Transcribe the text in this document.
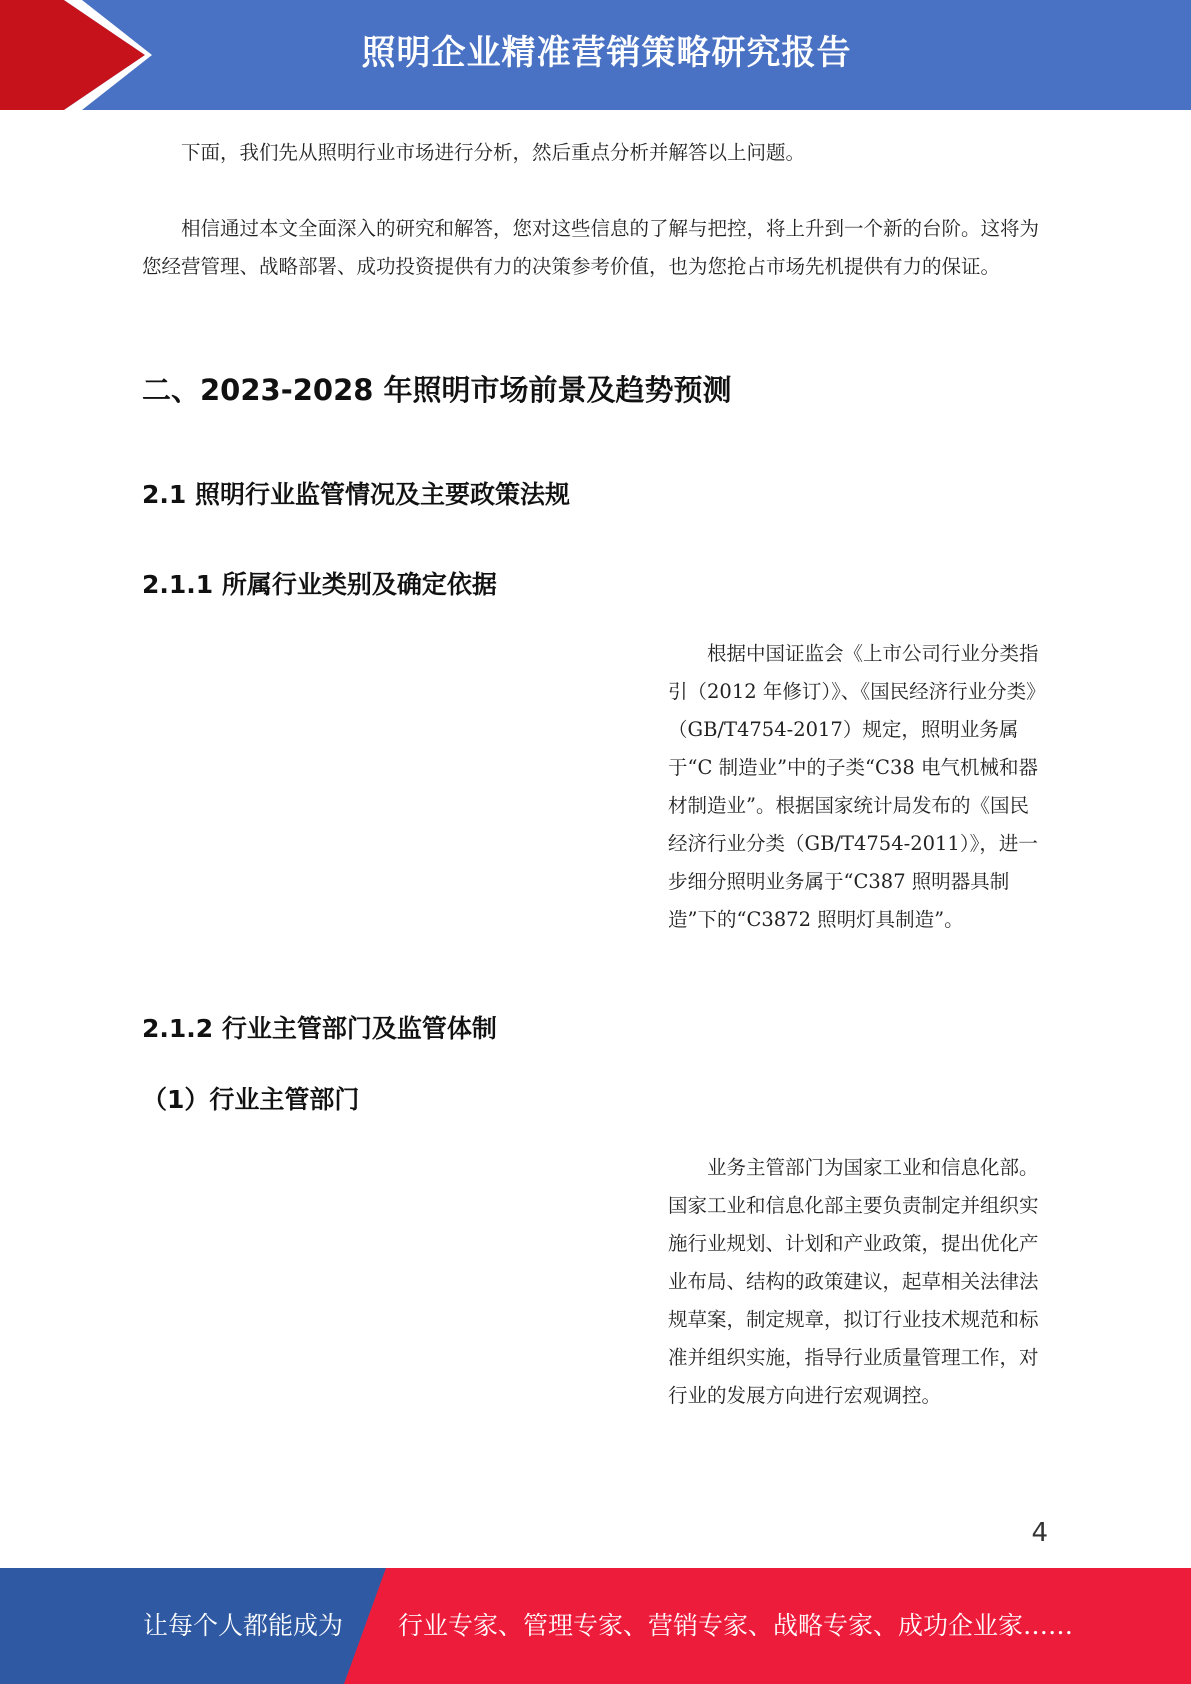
照明企业精准营销策略研究报告

下面，我们先从照明行业市场进行分析，然后重点分析并解答以上问题。

相信通过本文全面深入的研究和解答，您对这些信息的了解与把控，将上升到一个新的台阶。这将为您经营管理、战略部署、成功投资提供有力的决策参考价值，也为您抢占市场先机提供有力的保证。

二、2023-2028 年照明市场前景及趋势预测
2.1 照明行业监管情况及主要政策法规
2.1.1 所属行业类别及确定依据

根据中国证监会《上市公司行业分类指引（2012 年修订）》、《国民经济行业分类》（GB/T4754-2017）规定，照明业务属于“C 制造业”中的子类“C38 电气机械和器材制造业”。根据国家统计局发布的《国民经济行业分类（GB/T4754-2011）》，进一步细分照明业务属于“C387 照明器具制造”下的“C3872 照明灯具制造”。

2.1.2 行业主管部门及监管体制
（1）行业主管部门

业务主管部门为国家工业和信息化部。国家工业和信息化部主要负责制定并组织实施行业规划、计划和产业政策，提出优化产业布局、结构的政策建议，起草相关法律法规草案，制定规章，拟订行业技术规范和标准并组织实施，指导行业质量管理工作，对行业的发展方向进行宏观调控。

4
让每个人都能成为 行业专家、管理专家、营销专家、战略专家、成功企业家……
